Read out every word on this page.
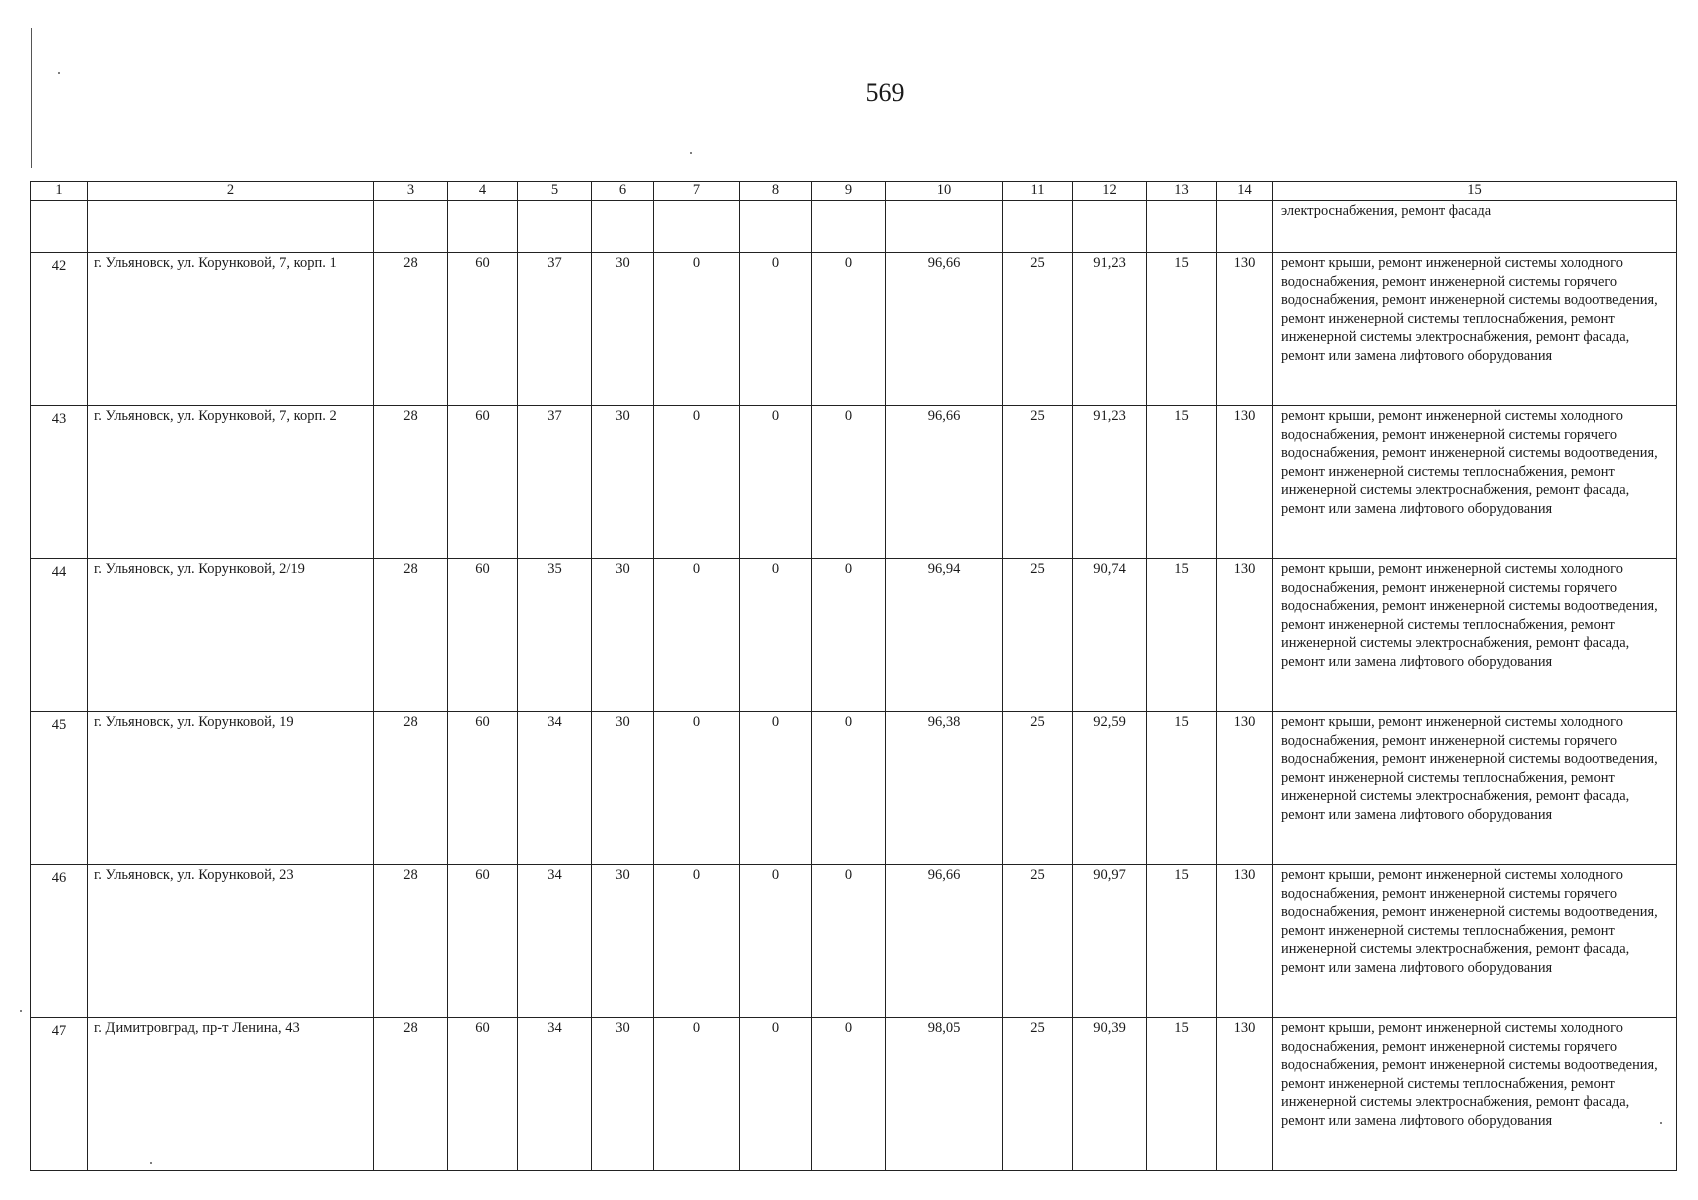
569
1	2	3	4	5	6	7	8	9	10	11	12	13	14	15
														электроснабжения, ремонт фасада
42	г. Ульяновск, ул. Корунковой, 7, корп. 1	28	60	37	30	0	0	0	96,66	25	91,23	15	130	ремонт крыши, ремонт инженерной системы холодного водоснабжения, ремонт инженерной системы горячего водоснабжения, ремонт инженерной системы водоотведения, ремонт инженерной системы теплоснабжения, ремонт инженерной системы электроснабжения, ремонт фасада, ремонт или замена лифтового оборудования
43	г. Ульяновск, ул. Корунковой, 7, корп. 2	28	60	37	30	0	0	0	96,66	25	91,23	15	130	ремонт крыши, ремонт инженерной системы холодного водоснабжения, ремонт инженерной системы горячего водоснабжения, ремонт инженерной системы водоотведения, ремонт инженерной системы теплоснабжения, ремонт инженерной системы электроснабжения, ремонт фасада, ремонт или замена лифтового оборудования
44	г. Ульяновск, ул. Корунковой, 2/19	28	60	35	30	0	0	0	96,94	25	90,74	15	130	ремонт крыши, ремонт инженерной системы холодного водоснабжения, ремонт инженерной системы горячего водоснабжения, ремонт инженерной системы водоотведения, ремонт инженерной системы теплоснабжения, ремонт инженерной системы электроснабжения, ремонт фасада, ремонт или замена лифтового оборудования
45	г. Ульяновск, ул. Корунковой, 19	28	60	34	30	0	0	0	96,38	25	92,59	15	130	ремонт крыши, ремонт инженерной системы холодного водоснабжения, ремонт инженерной системы горячего водоснабжения, ремонт инженерной системы водоотведения, ремонт инженерной системы теплоснабжения, ремонт инженерной системы электроснабжения, ремонт фасада, ремонт или замена лифтового оборудования
46	г. Ульяновск, ул. Корунковой, 23	28	60	34	30	0	0	0	96,66	25	90,97	15	130	ремонт крыши, ремонт инженерной системы холодного водоснабжения, ремонт инженерной системы горячего водоснабжения, ремонт инженерной системы водоотведения, ремонт инженерной системы теплоснабжения, ремонт инженерной системы электроснабжения, ремонт фасада, ремонт или замена лифтового оборудования
47	г. Димитровград, пр-т Ленина, 43	28	60	34	30	0	0	0	98,05	25	90,39	15	130	ремонт крыши, ремонт инженерной системы холодного водоснабжения, ремонт инженерной системы горячего водоснабжения, ремонт инженерной системы водоотведения, ремонт инженерной системы теплоснабжения, ремонт инженерной системы электроснабжения, ремонт фасада, ремонт или замена лифтового оборудования
